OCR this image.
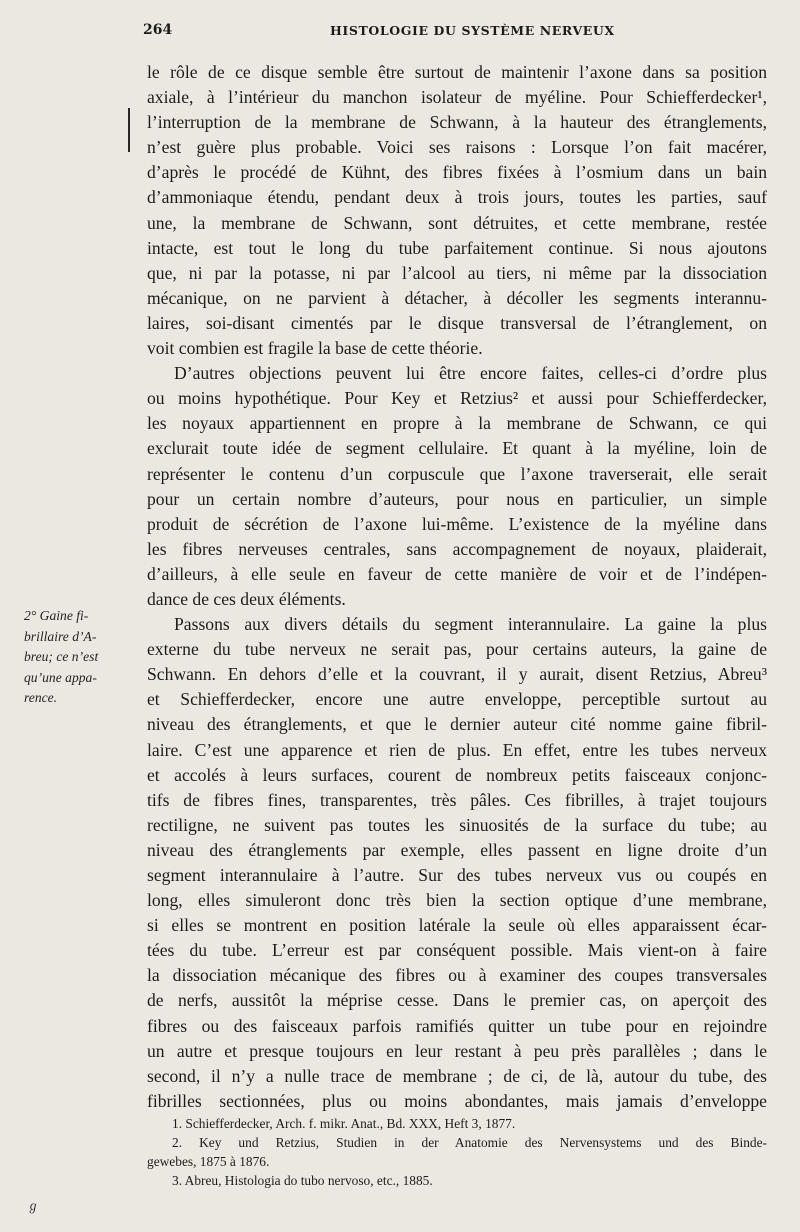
264	HISTOLOGIE DU SYSTÈME NERVEUX
2° Gaine fi-
brillaire d’A-
breu; ce n’est
qu’une appa-
rence.
le rôle de ce disque semble être surtout de maintenir l’axone dans sa position
axiale, à l’intérieur du manchon isolateur de myéline. Pour Schiefferdecker¹,
l’interruption de la membrane de Schwann, à la hauteur des étranglements,
n’est guère plus probable. Voici ses raisons : Lorsque l’on fait macérer,
d’après le procédé de Kühnt, des fibres fixées à l’osmium dans un bain
d’ammoniaque étendu, pendant deux à trois jours, toutes les parties, sauf
une, la membrane de Schwann, sont détruites, et cette membrane, restée
intacte, est tout le long du tube parfaitement continue. Si nous ajoutons
que, ni par la potasse, ni par l’alcool au tiers, ni même par la dissociation
mécanique, on ne parvient à détacher, à décoller les segments interannu-
laires, soi-disant cimentés par le disque transversal de l’étranglement, on
voit combien est fragile la base de cette théorie.
D’autres objections peuvent lui être encore faites, celles-ci d’ordre plus
ou moins hypothétique. Pour Key et Retzius² et aussi pour Schiefferdecker,
les noyaux appartiennent en propre à la membrane de Schwann, ce qui
exclurait toute idée de segment cellulaire. Et quant à la myéline, loin de
représenter le contenu d’un corpuscule que l’axone traverserait, elle serait
pour un certain nombre d’auteurs, pour nous en particulier, un simple
produit de sécrétion de l’axone lui-même. L’existence de la myéline dans
les fibres nerveuses centrales, sans accompagnement de noyaux, plaiderait,
d’ailleurs, à elle seule en faveur de cette manière de voir et de l’indépen-
dance de ces deux éléments.
Passons aux divers détails du segment interannulaire. La gaine la plus
externe du tube nerveux ne serait pas, pour certains auteurs, la gaine de
Schwann. En dehors d’elle et la couvrant, il y aurait, disent Retzius, Abreu³
et Schiefferdecker, encore une autre enveloppe, perceptible surtout au
niveau des étranglements, et que le dernier auteur cité nomme gaine fibril-
laire. C’est une apparence et rien de plus. En effet, entre les tubes nerveux
et accolés à leurs surfaces, courent de nombreux petits faisceaux conjonc-
tifs de fibres fines, transparentes, très pâles. Ces fibrilles, à trajet toujours
rectiligne, ne suivent pas toutes les sinuosités de la surface du tube; au
niveau des étranglements par exemple, elles passent en ligne droite d’un
segment interannulaire à l’autre. Sur des tubes nerveux vus ou coupés en
long, elles simuleront donc très bien la section optique d’une membrane,
si elles se montrent en position latérale la seule où elles apparaissent écar-
tées du tube. L’erreur est par conséquent possible. Mais vient-on à faire
la dissociation mécanique des fibres ou à examiner des coupes transversales
de nerfs, aussitôt la méprise cesse. Dans le premier cas, on aperçoit des
fibres ou des faisceaux parfois ramifiés quitter un tube pour en rejoindre
un autre et presque toujours en leur restant à peu près parallèles ; dans le
second, il n’y a nulle trace de membrane ; de ci, de là, autour du tube, des
fibrilles sectionnées, plus ou moins abondantes, mais jamais d’enveloppe
1. Schiefferdecker, Arch. f. mikr. Anat., Bd. XXX, Heft 3, 1877.
2. Key und Retzius, Studien in der Anatomie des Nervensystems und des Binde-
gewebes, 1875 à 1876.
3. Abreu, Histologia do tubo nervoso, etc., 1885.
ℊ
